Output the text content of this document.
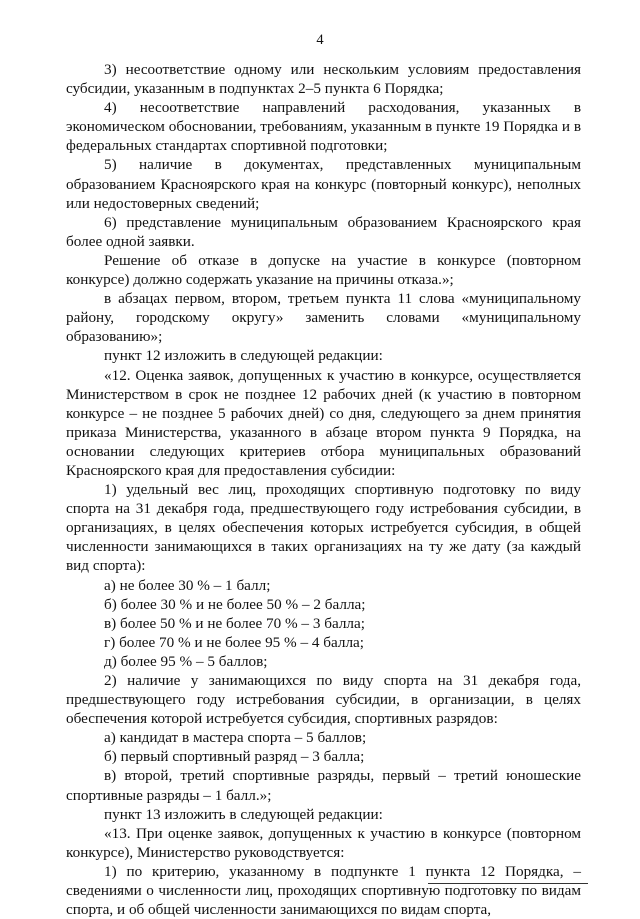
4

3) несоответствие одному или нескольким условиям предоставления субсидии, указанным в подпунктах 2–5 пункта 6 Порядка;

4) несоответствие направлений расходования, указанных в экономическом обосновании, требованиям, указанным в пункте 19 Порядка и в федеральных стандартах спортивной подготовки;

5) наличие в документах, представленных муниципальным образованием Красноярского края на конкурс (повторный конкурс), неполных или недостоверных сведений;

6) представление муниципальным образованием Красноярского края более одной заявки.

Решение об отказе в допуске на участие в конкурсе (повторном конкурсе) должно содержать указание на причины отказа.»;

в абзацах первом, втором, третьем пункта 11 слова «муниципальному району, городскому округу» заменить словами «муниципальному образованию»;

пункт 12 изложить в следующей редакции:

«12. Оценка заявок, допущенных к участию в конкурсе, осуществляется Министерством в срок не позднее 12 рабочих дней (к участию в повторном конкурсе – не позднее 5 рабочих дней) со дня, следующего за днем принятия приказа Министерства, указанного в абзаце втором пункта 9 Порядка, на основании следующих критериев отбора муниципальных образований Красноярского края для предоставления субсидии:

1) удельный вес лиц, проходящих спортивную подготовку по виду спорта на 31 декабря года, предшествующего году истребования субсидии, в организациях, в целях обеспечения которых истребуется субсидия, в общей численности занимающихся в таких организациях на ту же дату (за каждый вид спорта):

а) не более 30 % – 1 балл;

б) более 30 % и не более 50 % – 2 балла;

в) более 50 % и не более 70 % – 3 балла;

г) более 70 % и не более 95 % – 4 балла;

д) более 95 % – 5 баллов;

2) наличие у занимающихся по виду спорта на 31 декабря года, предшествующего году истребования субсидии, в организации, в целях обеспечения которой истребуется субсидия, спортивных разрядов:

а) кандидат в мастера спорта – 5 баллов;

б) первый спортивный разряд – 3 балла;

в) второй, третий спортивные разряды, первый – третий юношеские спортивные разряды – 1 балл.»;

пункт 13 изложить в следующей редакции:

«13. При оценке заявок, допущенных к участию в конкурсе (повторном конкурсе), Министерство руководствуется:

1) по критерию, указанному в подпункте 1 пункта 12 Порядка, – сведениями о численности лиц, проходящих спортивную подготовку по видам спорта, и об общей численности занимающихся по видам спорта,
